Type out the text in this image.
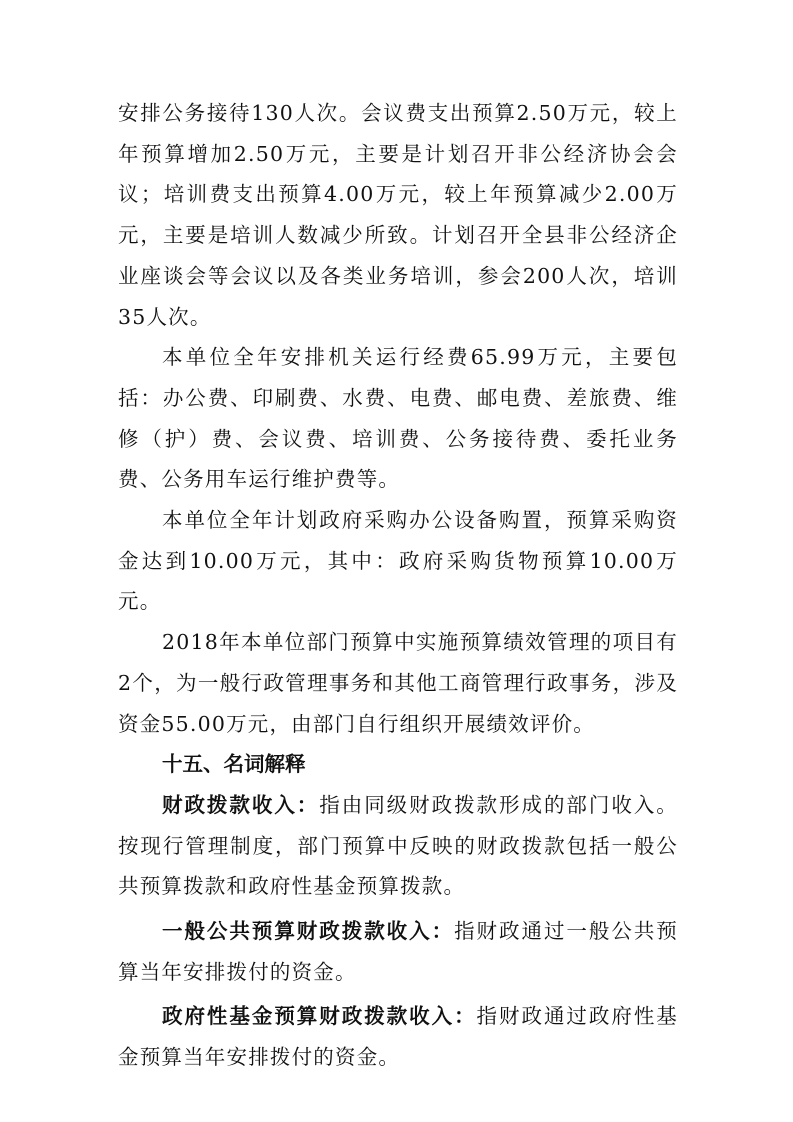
安排公务接待130人次。会议费支出预算2.50万元，较上年预算增加2.50万元，主要是计划召开非公经济协会会议；培训费支出预算4.00万元，较上年预算减少2.00万元，主要是培训人数减少所致。计划召开全县非公经济企业座谈会等会议以及各类业务培训，参会200人次，培训35人次。

本单位全年安排机关运行经费65.99万元，主要包括：办公费、印刷费、水费、电费、邮电费、差旅费、维修（护）费、会议费、培训费、公务接待费、委托业务费、公务用车运行维护费等。

本单位全年计划政府采购办公设备购置，预算采购资金达到10.00万元，其中：政府采购货物预算10.00万元。

2018年本单位部门预算中实施预算绩效管理的项目有2个，为一般行政管理事务和其他工商管理行政事务，涉及资金55.00万元，由部门自行组织开展绩效评价。

十五、名词解释

财政拨款收入：指由同级财政拨款形成的部门收入。按现行管理制度，部门预算中反映的财政拨款包括一般公共预算拨款和政府性基金预算拨款。

一般公共预算财政拨款收入：指财政通过一般公共预算当年安排拨付的资金。

政府性基金预算财政拨款收入：指财政通过政府性基金预算当年安排拨付的资金。
